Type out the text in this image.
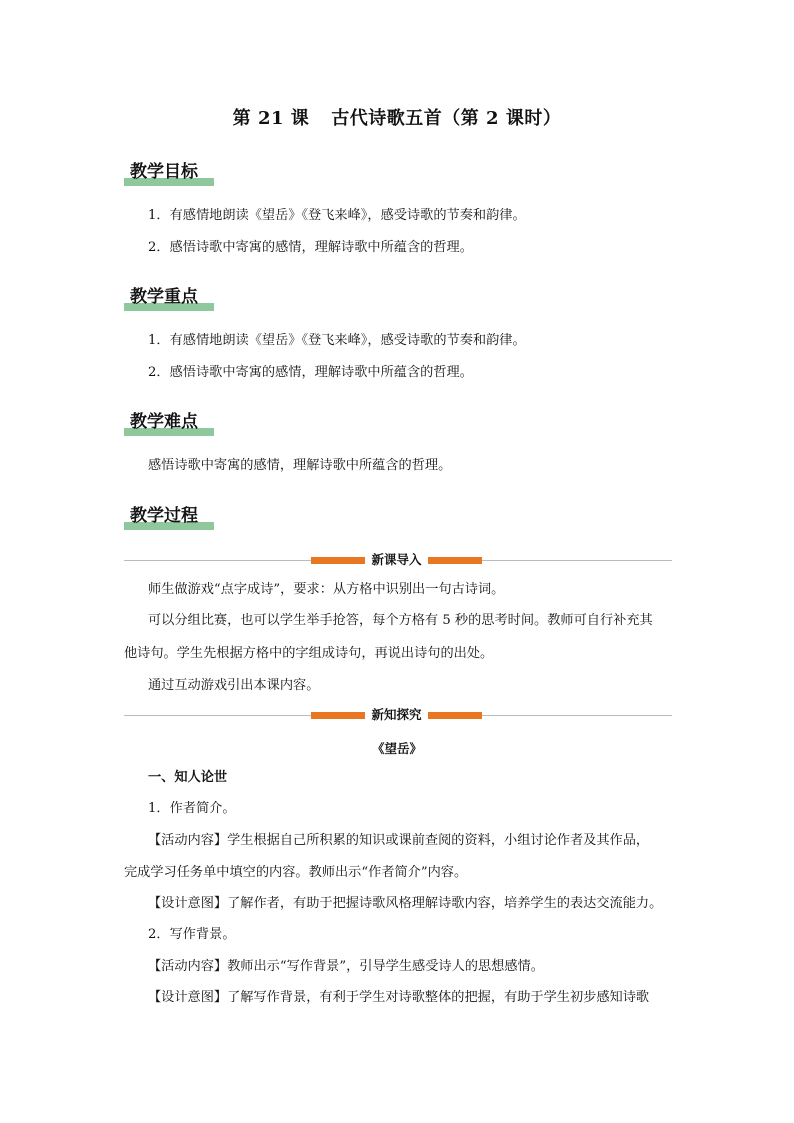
第 21 课 古代诗歌五首（第 2 课时）
教学目标
1．有感情地朗读《望岳》《登飞来峰》，感受诗歌的节奏和韵律。
2．感悟诗歌中寄寓的感情，理解诗歌中所蕴含的哲理。
教学重点
1．有感情地朗读《望岳》《登飞来峰》，感受诗歌的节奏和韵律。
2．感悟诗歌中寄寓的感情，理解诗歌中所蕴含的哲理。
教学难点
感悟诗歌中寄寓的感情，理解诗歌中所蕴含的哲理。
教学过程
新课导入
师生做游戏“点字成诗”，要求：从方格中识别出一句古诗词。
可以分组比赛，也可以学生举手抢答，每个方格有 5 秒的思考时间。教师可自行补充其
他诗句。学生先根据方格中的字组成诗句，再说出诗句的出处。
通过互动游戏引出本课内容。
新知探究
《望岳》
一、知人论世
1．作者简介。
【活动内容】学生根据自己所积累的知识或课前查阅的资料，小组讨论作者及其作品，
完成学习任务单中填空的内容。教师出示“作者简介”内容。
【设计意图】了解作者，有助于把握诗歌风格理解诗歌内容，培养学生的表达交流能力。
2．写作背景。
【活动内容】教师出示“写作背景”，引导学生感受诗人的思想感情。
【设计意图】了解写作背景，有利于学生对诗歌整体的把握，有助于学生初步感知诗歌
